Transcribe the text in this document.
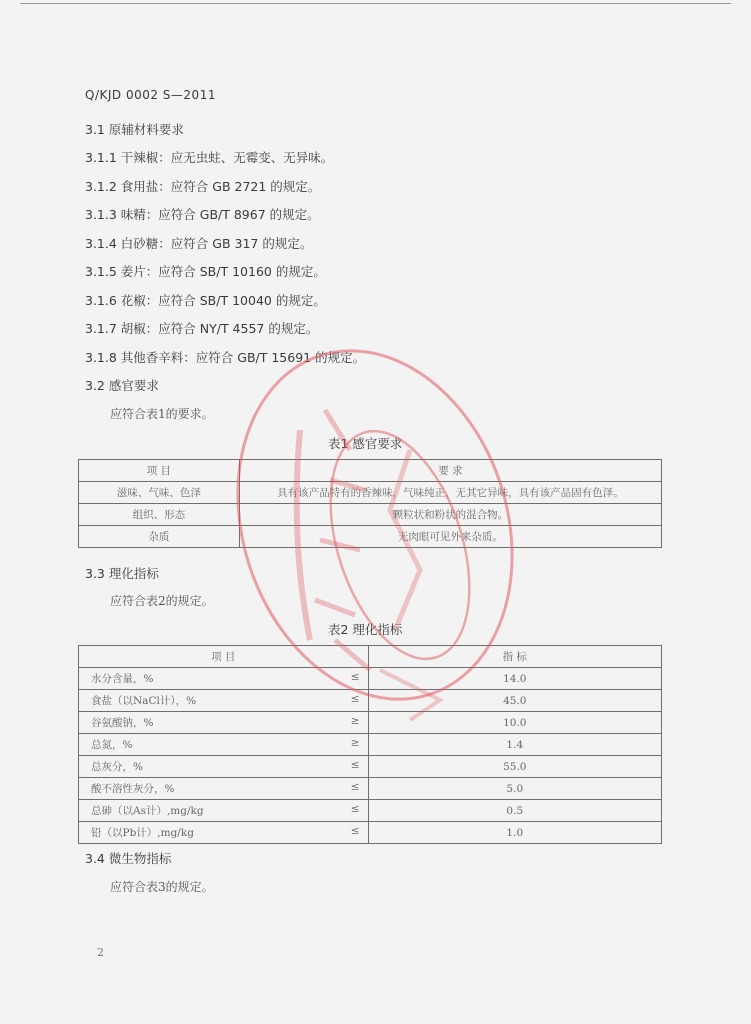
Q/KJD 0002 S—2011
3.1 原辅材料要求
3.1.1 干辣椒：应无虫蛀、无霉变、无异味。
3.1.2 食用盐：应符合 GB 2721 的规定。
3.1.3 味精：应符合 GB/T 8967 的规定。
3.1.4 白砂糖：应符合 GB 317 的规定。
3.1.5 姜片：应符合 SB/T 10160 的规定。
3.1.6 花椒：应符合 SB/T 10040 的规定。
3.1.7 胡椒：应符合 NY/T 4557 的规定。
3.1.8 其他香辛料：应符合 GB/T 15691 的规定。
3.2 感官要求
应符合表1的要求。
表1 感官要求
项 目	要 求
滋味、气味、色泽	具有该产品特有的香辣味，气味纯正，无其它异味，具有该产品固有色泽。
组织、形态	颗粒状和粉状的混合物。
杂质	无肉眼可见外来杂质。
3.3 理化指标
应符合表2的规定。
表2 理化指标
项 目	指 标

水分含量，% ≤	14.0

食盐（以NaCl计），% ≤	45.0

谷氨酸钠，% ≥	10.0

总氮，% ≥	1.4

总灰分，% ≤	55.0

酸不溶性灰分，% ≤	5.0

总砷（以As计）,mg/kg ≤	0.5

铅（以Pb计）,mg/kg ≤	1.0
3.4 微生物指标
应符合表3的规定。
2
